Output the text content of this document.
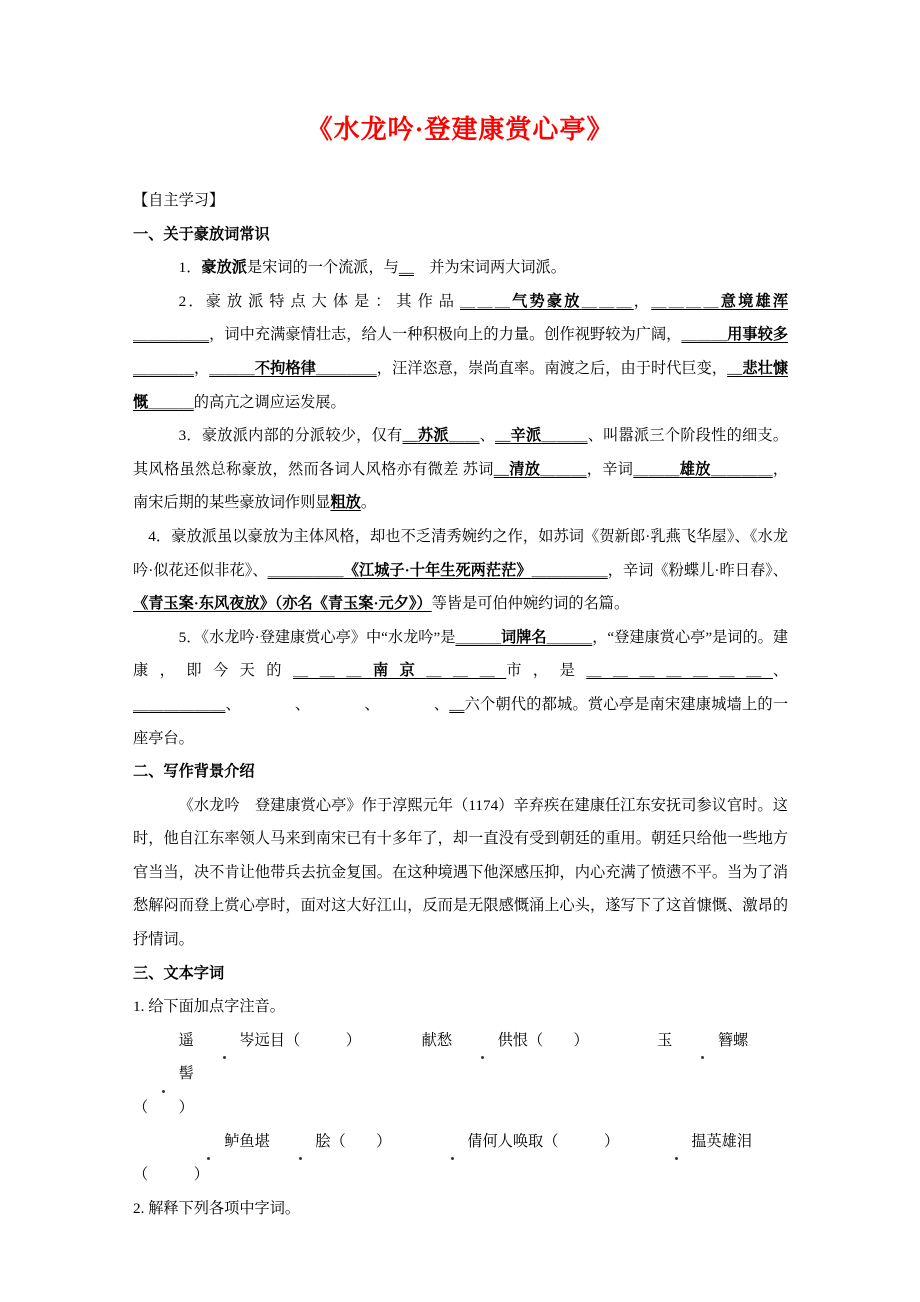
《水龙吟·登建康赏心亭》

【自主学习】

一、关于豪放词常识

1．豪放派是宋词的一个流派，与__　并为宋词两大词派。

2．豪放派特点大体是：其作品＿＿＿气势豪放＿＿＿，＿＿＿＿意境雄浑＿＿＿＿＿，词中充满豪情壮志，给人一种积极向上的力量。创作视野较为广阔，＿＿＿用事较多＿＿＿＿，＿＿＿不拘格律＿＿＿＿，汪洋恣意，崇尚直率。南渡之后，由于时代巨变，__悲壮慷慨＿＿＿的高亢之调应运发展。

3．豪放派内部的分派较少，仅有__苏派＿＿、__辛派＿＿＿、叫嚣派三个阶段性的细支。其风格虽然总称豪放，然而各词人风格亦有微差 苏词__清放＿＿＿，辛词＿＿＿雄放＿＿＿＿，南宋后期的某些豪放词作则显粗放。

4．豪放派虽以豪放为主体风格，却也不乏清秀婉约之作，如苏词《贺新郎·乳燕飞华屋》、《水龙吟·似花还似非花》、＿＿＿＿＿《江城子·十年生死两茫茫》＿＿＿＿＿，辛词《粉蝶儿·昨日春》、《青玉案·东风夜放》（亦名《青玉案·元夕》）等皆是可伯仲婉约词的名篇。

5．《水龙吟·登建康赏心亭》中“水龙吟”是＿＿＿词牌名＿＿＿，“登建康赏心亭”是词的。建康，即今天的＿＿＿南京＿＿＿市，是＿＿＿＿＿＿＿、＿＿＿＿＿＿、　　　　、　　　　、　　　　、__六个朝代的都城。赏心亭是南宋建康城墙上的一座亭台。

二、写作背景介绍

《水龙吟　登建康赏心亭》作于淳熙元年（1174）辛弃疾在建康任江东安抚司参议官时。这时，他自江东率领人马来到南宋已有十多年了，却一直没有受到朝廷的重用。朝廷只给他一些地方官当当，决不肯让他带兵去抗金复国。在这种境遇下他深感压抑，内心充满了愤懑不平。当为了消愁解闷而登上赏心亭时，面对这大好江山，反而是无限感慨涌上心头，遂写下了这首慷慨、激昂的抒情词。

三、文本字词

1. 给下面加点字注音。

遥	岑远目（　　　）	献愁	供恨（　　）	玉	簪螺髻

（　　）

鲈鱼堪	脍（　　）	倩何人唤取（　　　）	揾英雄泪（　　　）

2. 解释下列各项中字词。
